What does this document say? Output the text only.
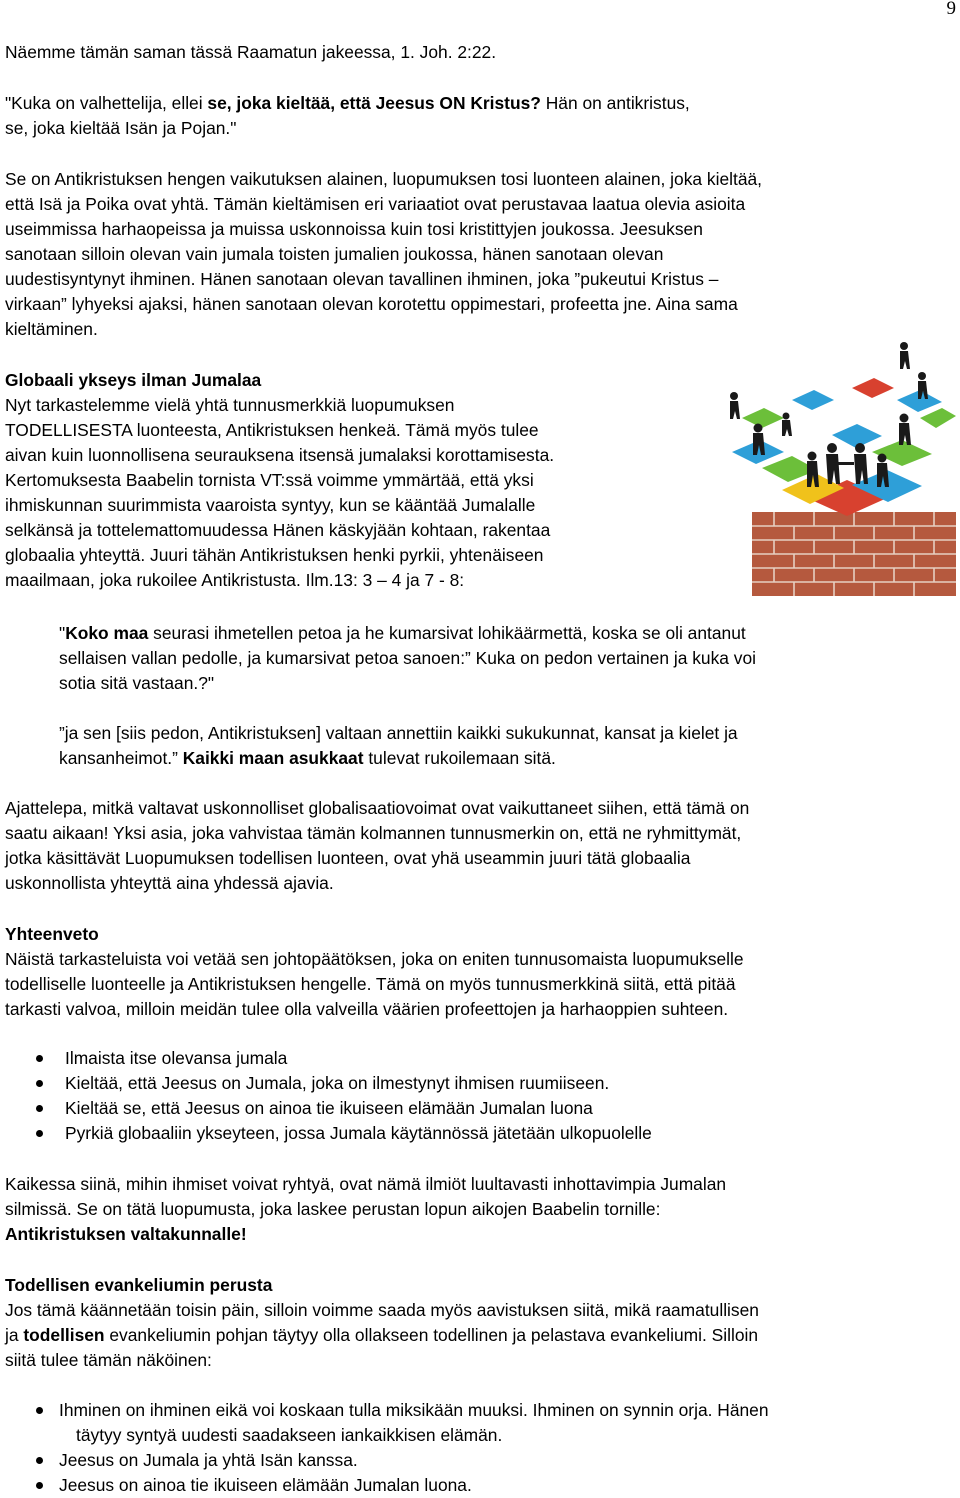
9
Näemme tämän saman tässä Raamatun jakeessa, 1. Joh. 2:22.
"Kuka on valhettelija, ellei se, joka kieltää, että Jeesus ON Kristus? Hän on antikristus,
se, joka kieltää Isän ja Pojan."
Se on Antikristuksen hengen vaikutuksen alainen, luopumuksen tosi luonteen alainen, joka kieltää,
että Isä ja Poika ovat yhtä. Tämän kieltämisen eri variaatiot ovat perustavaa laatua olevia asioita
useimmissa harhaopeissa ja muissa uskonnoissa kuin tosi kristittyjen joukossa. Jeesuksen
sanotaan silloin olevan vain jumala toisten jumalien joukossa, hänen sanotaan olevan
uudestisyntynyt ihminen. Hänen sanotaan olevan tavallinen ihminen, joka ”pukeutui Kristus –
virkaan” lyhyeksi ajaksi, hänen sanotaan olevan korotettu oppimestari, profeetta jne. Aina sama
kieltäminen.
Globaali ykseys ilman Jumalaa
Nyt tarkastelemme vielä yhtä tunnusmerkkiä luopumuksen
TODELLISESTA luonteesta, Antikristuksen henkeä. Tämä myös tulee
aivan kuin luonnollisena seurauksena itsensä jumalaksi korottamisesta.
Kertomuksesta Baabelin tornista VT:ssä voimme ymmärtää, että yksi
ihmiskunnan suurimmista vaaroista syntyy, kun se kääntää Jumalalle
selkänsä ja tottelemattomuudessa Hänen käskyjään kohtaan, rakentaa
globaalia yhteyttä. Juuri tähän Antikristuksen henki pyrkii, yhtenäiseen
maailmaan, joka rukoilee Antikristusta. Ilm.13: 3 – 4 ja 7 - 8:
"Koko maa seurasi ihmetellen petoa ja he kumarsivat lohikäärmettä, koska se oli antanut
sellaisen vallan pedolle, ja kumarsivat petoa sanoen:” Kuka on pedon vertainen ja kuka voi
sotia sitä vastaan.?"
”ja sen [siis pedon, Antikristuksen] valtaan annettiin kaikki sukukunnat, kansat ja kielet ja
kansanheimot.” Kaikki maan asukkaat tulevat rukoilemaan sitä.
Ajattelepa, mitkä valtavat uskonnolliset globalisaatiovoimat ovat vaikuttaneet siihen, että tämä on
saatu aikaan! Yksi asia, joka vahvistaa tämän kolmannen tunnusmerkin on, että ne ryhmittymät,
jotka käsittävät Luopumuksen todellisen luonteen, ovat yhä useammin juuri tätä globaalia
uskonnollista yhteyttä aina yhdessä ajavia.
Yhteenveto
Näistä tarkasteluista voi vetää sen johtopäätöksen, joka on eniten tunnusomaista luopumukselle
todelliselle luonteelle ja Antikristuksen hengelle. Tämä on myös tunnusmerkkinä siitä, että pitää
tarkasti valvoa, milloin meidän tulee olla valveilla väärien profeettojen ja harhaoppien suhteen.
Ilmaista itse olevansa jumala
Kieltää, että Jeesus on Jumala, joka on ilmestynyt ihmisen ruumiiseen.
Kieltää se, että Jeesus on ainoa tie ikuiseen elämään Jumalan luona
Pyrkiä globaaliin ykseyteen, jossa Jumala käytännössä jätetään ulkopuolelle
Kaikessa siinä, mihin ihmiset voivat ryhtyä, ovat nämä ilmiöt luultavasti inhottavimpia Jumalan
silmissä. Se on tätä luopumusta, joka laskee perustan lopun aikojen Baabelin tornille:
Antikristuksen valtakunnalle!
Todellisen evankeliumin perusta
Jos tämä käännetään toisin päin, silloin voimme saada myös aavistuksen siitä, mikä raamatullisen
ja todellisen evankeliumin pohjan täytyy olla ollakseen todellinen ja pelastava evankeliumi. Silloin
siitä tulee tämän näköinen:
Ihminen on ihminen eikä voi koskaan tulla miksikään muuksi. Ihminen on synnin orja. Hänen
täytyy syntyä uudesti saadakseen iankaikkisen elämän.
Jeesus on Jumala ja yhtä Isän kanssa.
Jeesus on ainoa tie ikuiseen elämään Jumalan luona.
